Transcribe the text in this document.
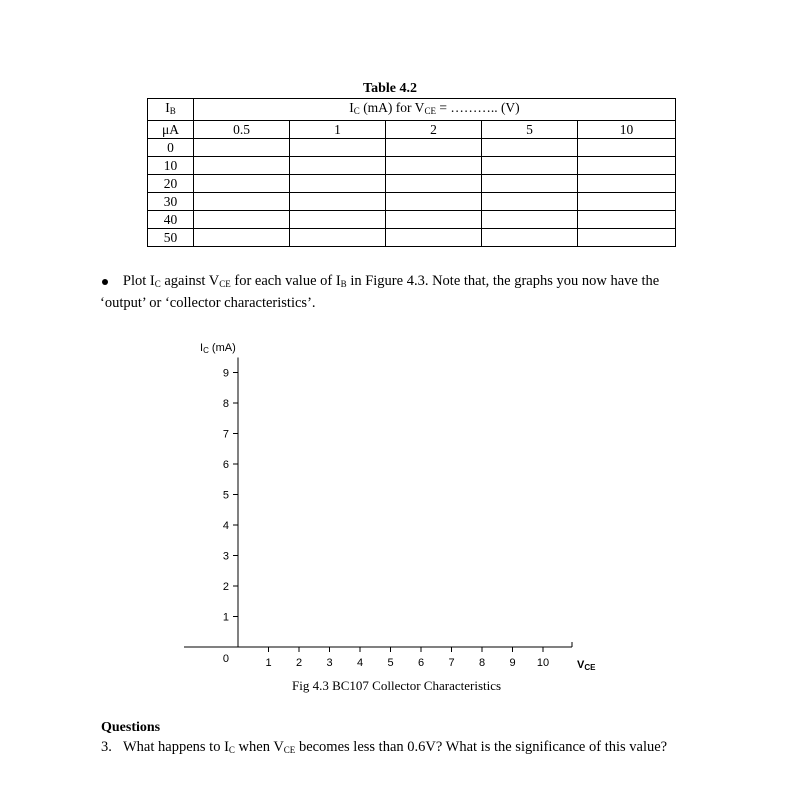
Table 4.2
$I_B$	$I_C$ (mA) for $V_{CE}$ = ……….. (V)				
μA	0.5	1	2	5	10
0					
10					
20					
30					
40					
50					
Plot $I_C$ against $V_{CE}$ for each value of $I_B$ in Figure 4.3. Note that, the graphs you now have the ‘output’ or ‘collector characteristics’.
1
2
3
4
5
6
7
8
9
1 2 3 4 5 6 7 8 9 10
0
IC (mA)
VCE
Fig 4.3 BC107 Collector Characteristics
Questions
3. What happens to $I_C$ when $V_{CE}$ becomes less than 0.6V? What is the significance of this value?
